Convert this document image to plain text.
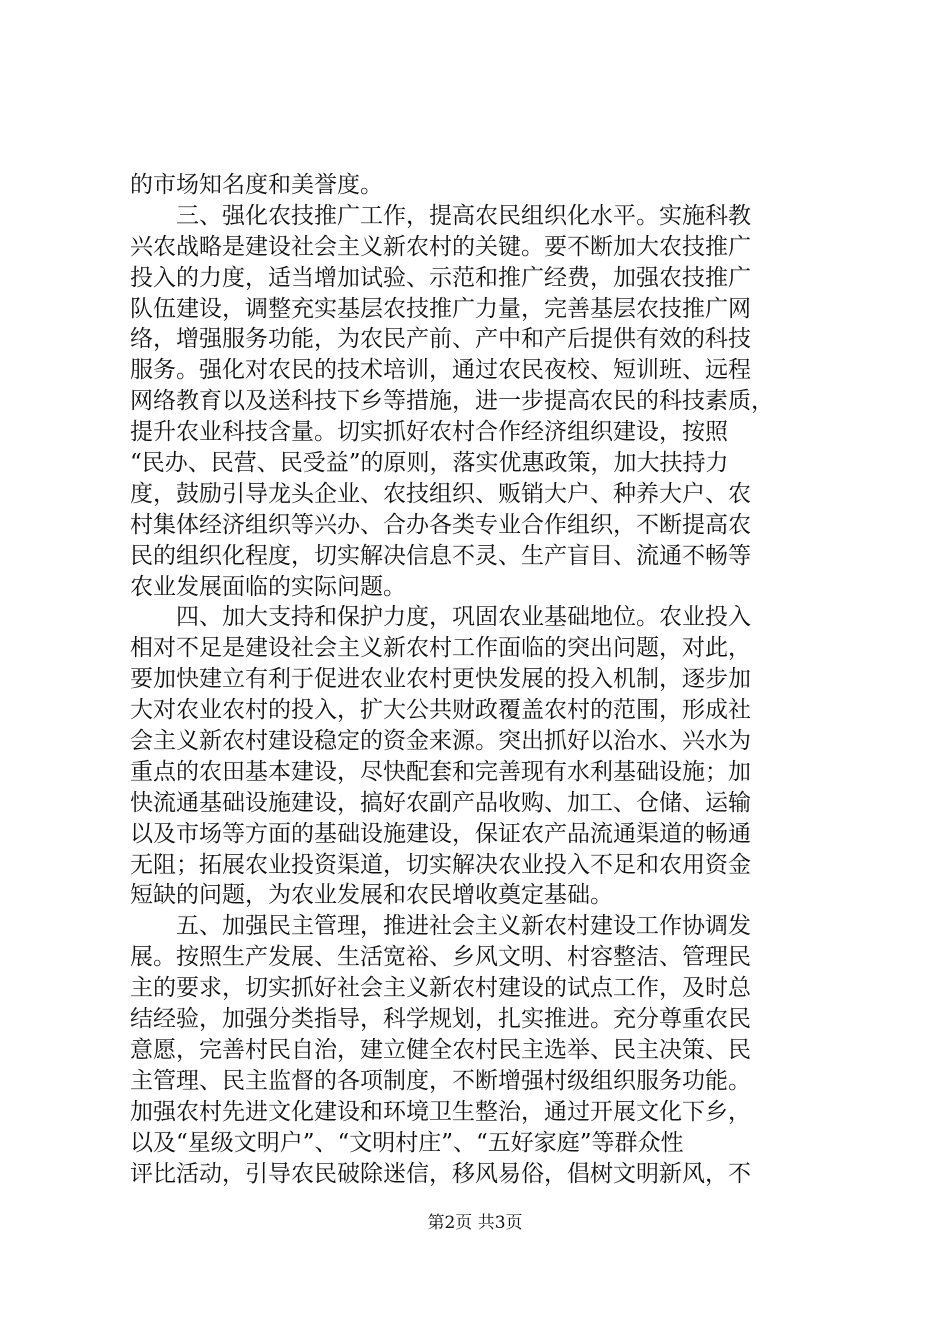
的市场知名度和美誉度。
三、强化农技推广工作，提高农民组织化水平。实施科教
兴农战略是建设社会主义新农村的关键。要不断加大农技推广
投入的力度，适当增加试验、示范和推广经费，加强农技推广
队伍建设，调整充实基层农技推广力量，完善基层农技推广网
络，增强服务功能，为农民产前、产中和产后提供有效的科技
服务。强化对农民的技术培训，通过农民夜校、短训班、远程
网络教育以及送科技下乡等措施，进一步提高农民的科技素质，
提升农业科技含量。切实抓好农村合作经济组织建设，按照
“民办、民营、民受益”的原则，落实优惠政策，加大扶持力
度，鼓励引导龙头企业、农技组织、贩销大户、种养大户、农
村集体经济组织等兴办、合办各类专业合作组织，不断提高农
民的组织化程度，切实解决信息不灵、生产盲目、流通不畅等
农业发展面临的实际问题。
四、加大支持和保护力度，巩固农业基础地位。农业投入
相对不足是建设社会主义新农村工作面临的突出问题，对此，
要加快建立有利于促进农业农村更快发展的投入机制，逐步加
大对农业农村的投入，扩大公共财政覆盖农村的范围，形成社
会主义新农村建设稳定的资金来源。突出抓好以治水、兴水为
重点的农田基本建设，尽快配套和完善现有水利基础设施；加
快流通基础设施建设，搞好农副产品收购、加工、仓储、运输
以及市场等方面的基础设施建设，保证农产品流通渠道的畅通
无阻；拓展农业投资渠道，切实解决农业投入不足和农用资金
短缺的问题，为农业发展和农民增收奠定基础。
五、加强民主管理，推进社会主义新农村建设工作协调发
展。按照生产发展、生活宽裕、乡风文明、村容整洁、管理民
主的要求，切实抓好社会主义新农村建设的试点工作，及时总
结经验，加强分类指导，科学规划，扎实推进。充分尊重农民
意愿，完善村民自治，建立健全农村民主选举、民主决策、民
主管理、民主监督的各项制度，不断增强村级组织服务功能。
加强农村先进文化建设和环境卫生整治，通过开展文化下乡，
以及“星级文明户”、“文明村庄”、“五好家庭”等群众性
评比活动，引导农民破除迷信，移风易俗，倡树文明新风，不
第2页 共3页
